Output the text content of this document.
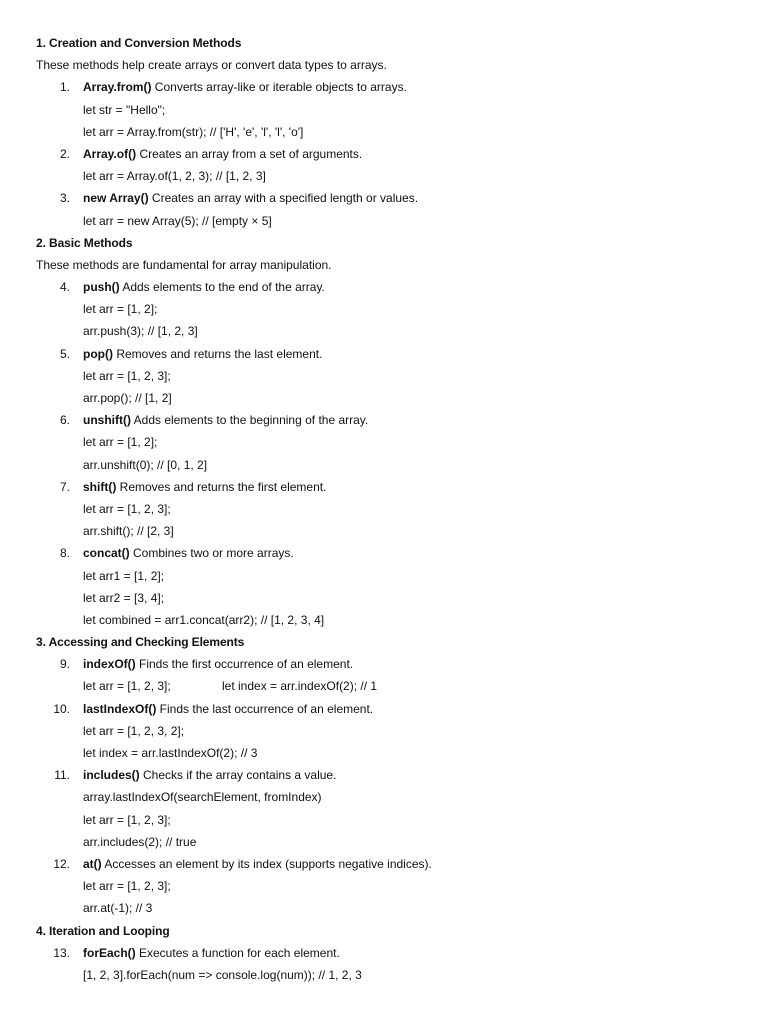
1. Creation and Conversion Methods
These methods help create arrays or convert data types to arrays.
1. Array.from() Converts array-like or iterable objects to arrays.
let str = "Hello";
let arr = Array.from(str); // ['H', 'e', 'l', 'l', 'o']
2. Array.of() Creates an array from a set of arguments.
let arr = Array.of(1, 2, 3); // [1, 2, 3]
3. new Array() Creates an array with a specified length or values.
let arr = new Array(5); // [empty × 5]
2. Basic Methods
These methods are fundamental for array manipulation.
4. push() Adds elements to the end of the array.
let arr = [1, 2];
arr.push(3); // [1, 2, 3]
5. pop() Removes and returns the last element.
let arr = [1, 2, 3];
arr.pop(); // [1, 2]
6. unshift() Adds elements to the beginning of the array.
let arr = [1, 2];
arr.unshift(0); // [0, 1, 2]
7. shift() Removes and returns the first element.
let arr = [1, 2, 3];
arr.shift(); // [2, 3]
8. concat() Combines two or more arrays.
let arr1 = [1, 2];
let arr2 = [3, 4];
let combined = arr1.concat(arr2); // [1, 2, 3, 4]
3. Accessing and Checking Elements
9. indexOf() Finds the first occurrence of an element.
let arr = [1, 2, 3];	let index = arr.indexOf(2); // 1
10. lastIndexOf() Finds the last occurrence of an element.
let arr = [1, 2, 3, 2];
let index = arr.lastIndexOf(2); // 3
11. includes() Checks if the array contains a value.
array.lastIndexOf(searchElement, fromIndex)
let arr = [1, 2, 3];
arr.includes(2); // true
12. at() Accesses an element by its index (supports negative indices).
let arr = [1, 2, 3];
arr.at(-1); // 3
4. Iteration and Looping
13. forEach() Executes a function for each element.
[1, 2, 3].forEach(num => console.log(num)); // 1, 2, 3
